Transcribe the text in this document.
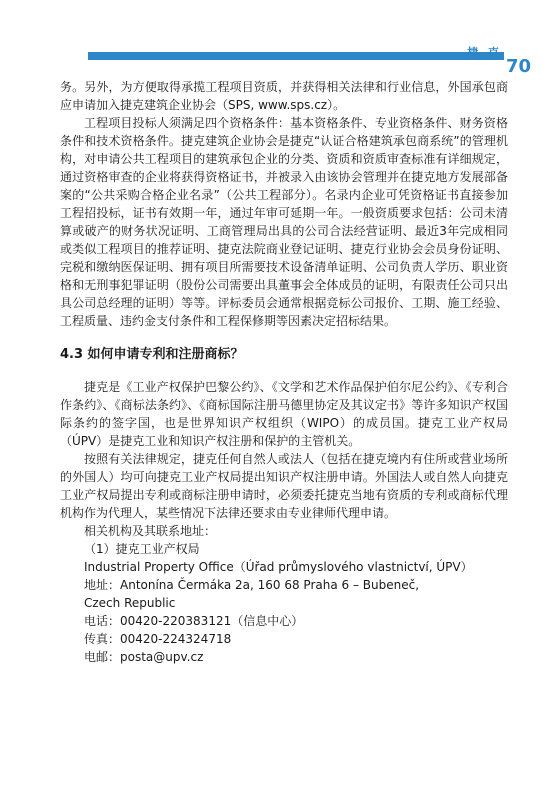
捷 克
70

务。另外，为方便取得承揽工程项目资质，并获得相关法律和行业信息，外国承包商应申请加入捷克建筑企业协会（SPS, www.sps.cz）。

工程项目投标人须满足四个资格条件：基本资格条件、专业资格条件、财务资格条件和技术资格条件。捷克建筑企业协会是捷克“认证合格建筑承包商系统”的管理机构，对申请公共工程项目的建筑承包企业的分类、资质和资质审查标准有详细规定，通过资格审查的企业将获得资格证书，并被录入由该协会管理并在捷克地方发展部备案的“公共采购合格企业名录”（公共工程部分）。名录内企业可凭资格证书直接参加工程招投标，证书有效期一年，通过年审可延期一年。一般资质要求包括：公司未清算或破产的财务状况证明、工商管理局出具的公司合法经营证明、最近3年完成相同或类似工程项目的推荐证明、捷克法院商业登记证明、捷克行业协会会员身份证明、完税和缴纳医保证明、拥有项目所需要技术设备清单证明、公司负责人学历、职业资格和无刑事犯罪证明（股份公司需要出具董事会全体成员的证明，有限责任公司只出具公司总经理的证明）等等。评标委员会通常根据竞标公司报价、工期、施工经验、工程质量、违约金支付条件和工程保修期等因素决定招标结果。

4.3 如何申请专利和注册商标？

捷克是《工业产权保护巴黎公约》、《文学和艺术作品保护伯尔尼公约》、《专利合作条约》、《商标法条约》、《商标国际注册马德里协定及其议定书》等许多知识产权国际条约的签字国，也是世界知识产权组织（WIPO）的成员国。捷克工业产权局（ÚPV）是捷克工业和知识产权注册和保护的主管机关。

按照有关法律规定，捷克任何自然人或法人（包括在捷克境内有住所或营业场所的外国人）均可向捷克工业产权局提出知识产权注册申请。外国法人或自然人向捷克工业产权局提出专利或商标注册申请时，必须委托捷克当地有资质的专利或商标代理机构作为代理人，某些情况下法律还要求由专业律师代理申请。

相关机构及其联系地址：

（1）捷克工业产权局

Industrial Property Office（Úřad průmyslového vlastnictví, ÚPV）

地址：Antonína Čermáka 2a, 160 68 Praha 6 – Bubeneč,

Czech Republic

电话：00420-220383121（信息中心）

传真：00420-224324718

电邮：posta@upv.cz
